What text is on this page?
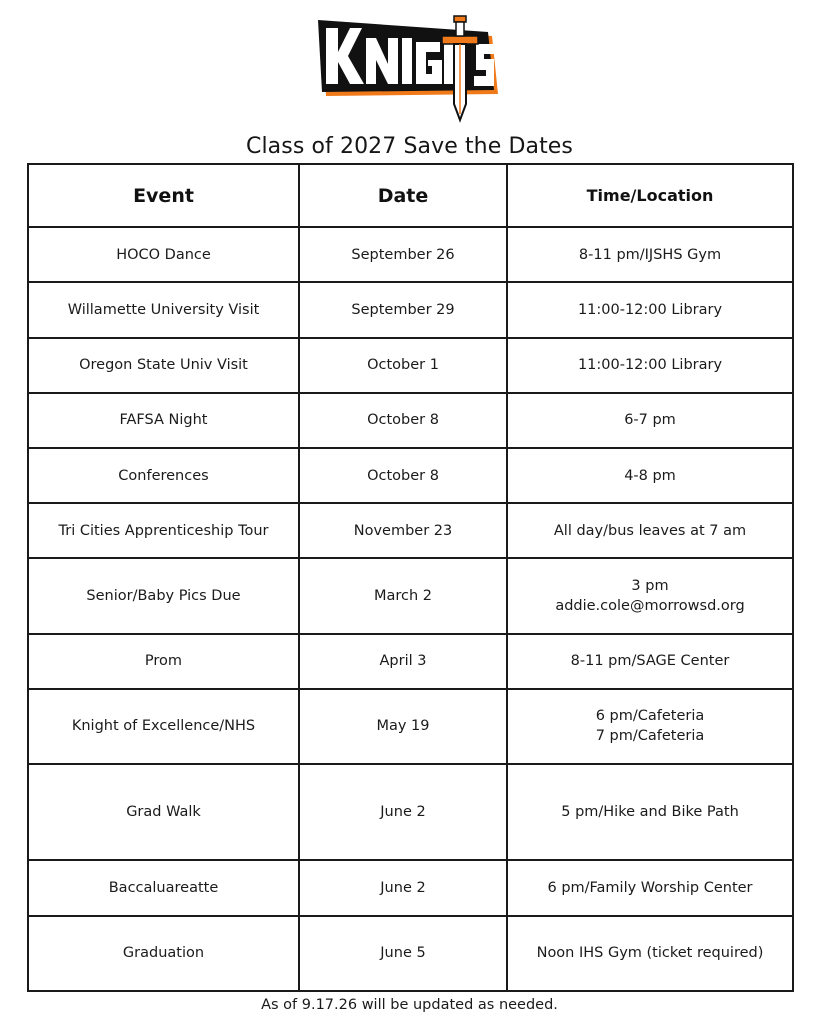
Class of 2027 Save the Dates
Event	Date	Time/Location
HOCO Dance	September 26	8-11 pm/IJSHS Gym

Willamette University Visit	September 29	11:00-12:00 Library

Oregon State Univ Visit	October 1	11:00-12:00 Library

FAFSA Night	October 8	6-7 pm

Conferences	October 8	4-8 pm

Tri Cities Apprenticeship Tour	November 23	All day/bus leaves at 7 am

Senior/Baby Pics Due	March 2	3 pm
addie.cole@morrowsd.org

Prom	April 3	8-11 pm/SAGE Center

Knight of Excellence/NHS	May 19	6 pm/Cafeteria
7 pm/Cafeteria

Grad Walk	June 2	5 pm/Hike and Bike Path

Baccaluareatte	June 2	6 pm/Family Worship Center

Graduation	June 5	Noon IHS Gym (ticket required)
As of 9.17.26 will be updated as needed.
